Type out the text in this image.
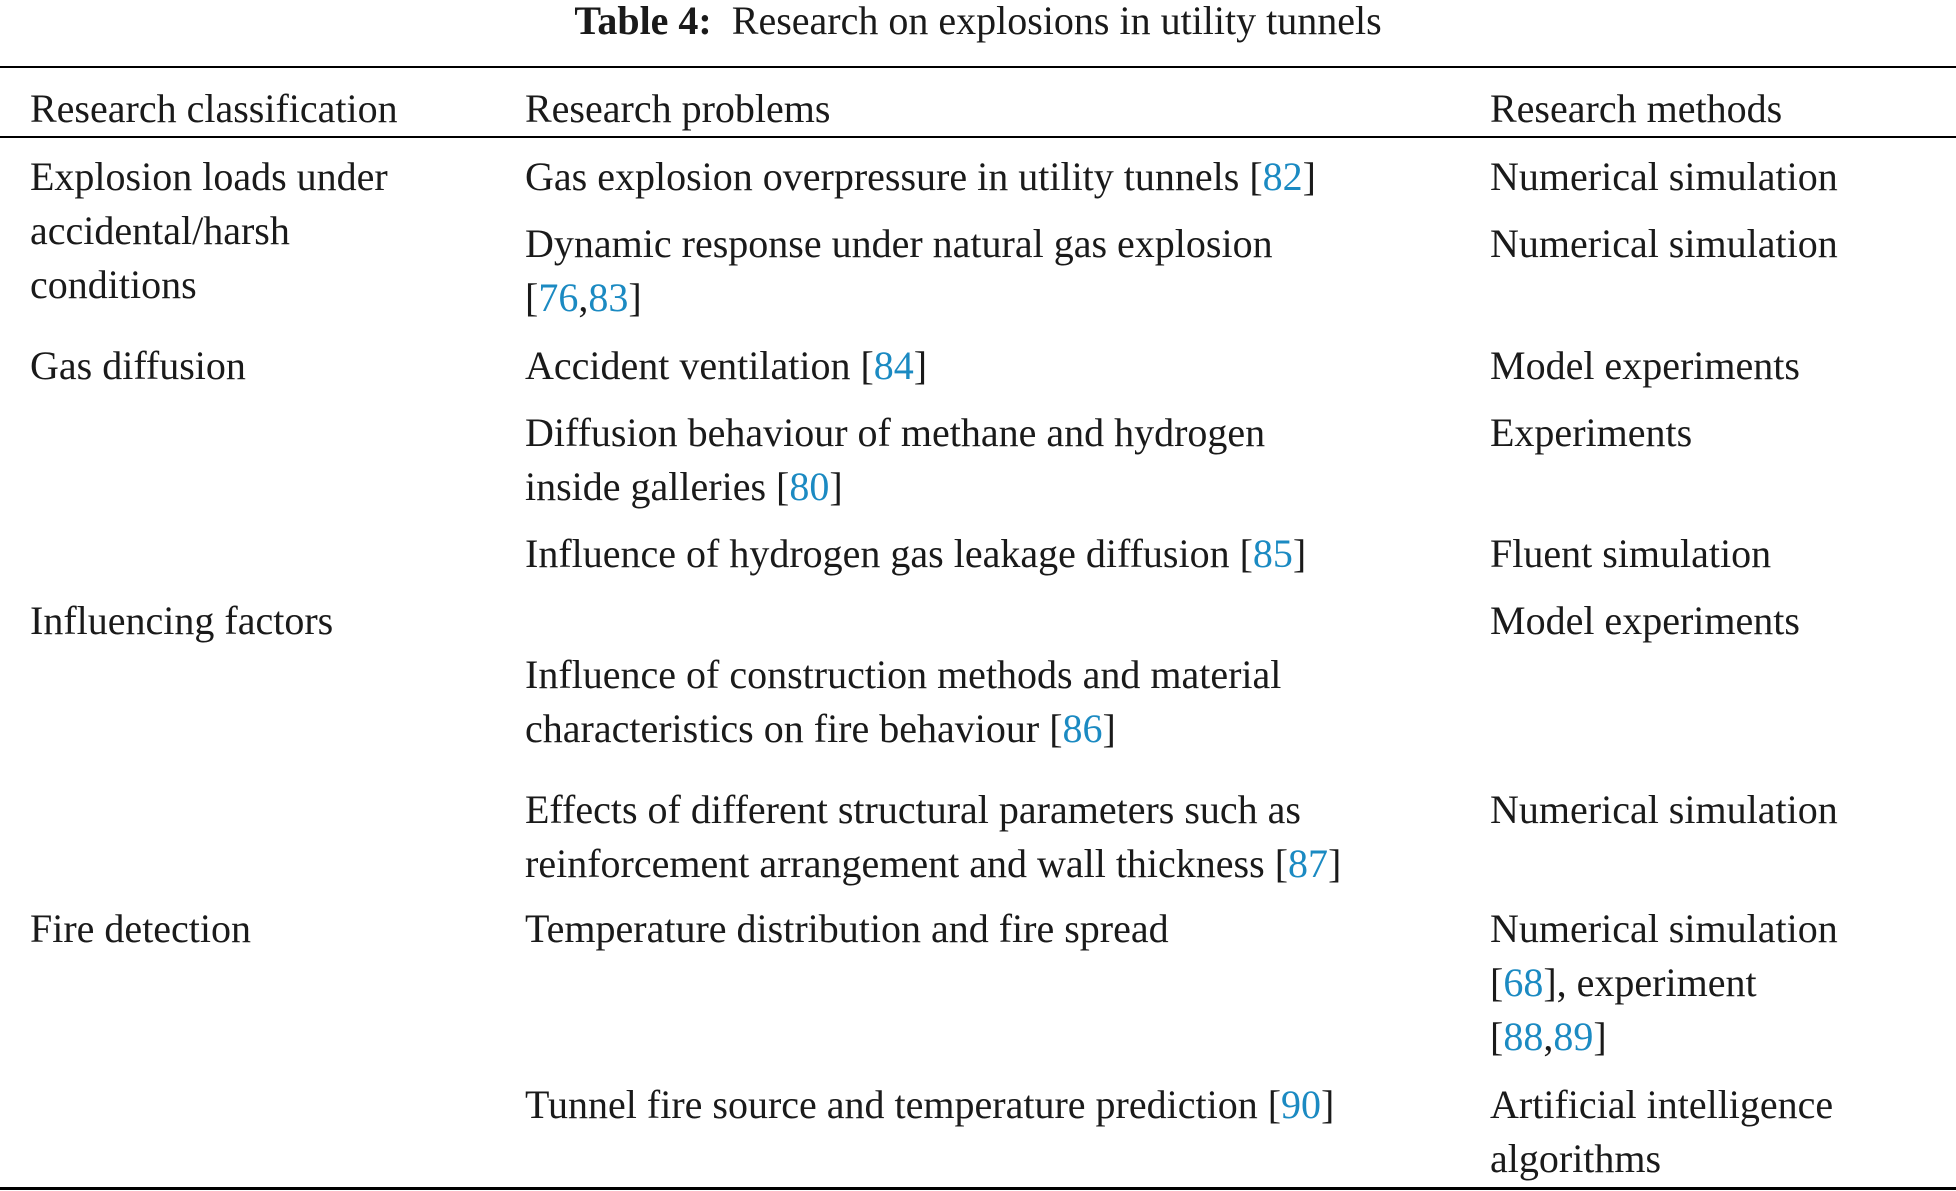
Table 4: Research on explosions in utility tunnels
Research classification	Research problems	Research methods
Explosion loads under
accidental/harsh
conditions
Gas diffusion
Influencing factors
Fire detection
Gas explosion overpressure in utility tunnels [82]
Dynamic response under natural gas explosion
[76,83]
Accident ventilation [84]
Diffusion behaviour of methane and hydrogen
inside galleries [80]
Influence of hydrogen gas leakage diffusion [85]
Influence of construction methods and material
characteristics on fire behaviour [86]
Effects of different structural parameters such as
reinforcement arrangement and wall thickness [87]
Temperature distribution and fire spread
Tunnel fire source and temperature prediction [90]
Numerical simulation
Numerical simulation
Model experiments
Experiments
Fluent simulation
Model experiments
Numerical simulation
Numerical simulation
[68], experiment
[88,89]
Artificial intelligence
algorithms
